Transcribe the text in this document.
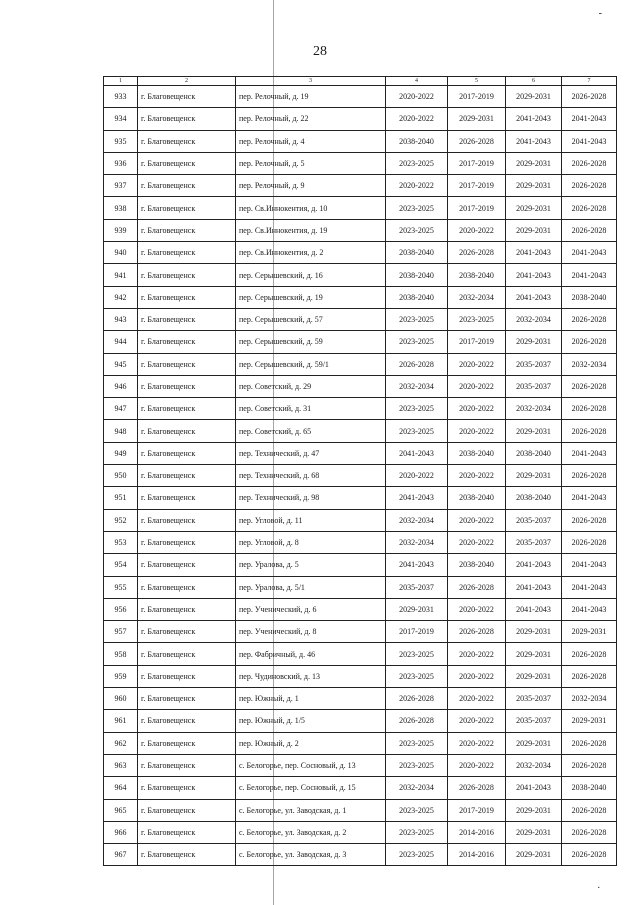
28
-
.
1	2	3	4	5	6	7
933	г. Благовещенск	пер. Релочный, д. 19	2020-2022	2017-2019	2029-2031	2026-2028
934	г. Благовещенск	пер. Релочный, д. 22	2020-2022	2029-2031	2041-2043	2041-2043
935	г. Благовещенск	пер. Релочный, д. 4	2038-2040	2026-2028	2041-2043	2041-2043
936	г. Благовещенск	пер. Релочный, д. 5	2023-2025	2017-2019	2029-2031	2026-2028
937	г. Благовещенск	пер. Релочный, д. 9	2020-2022	2017-2019	2029-2031	2026-2028
938	г. Благовещенск	пер. Св.Иннокентия, д. 10	2023-2025	2017-2019	2029-2031	2026-2028
939	г. Благовещенск	пер. Св.Иннокентия, д. 19	2023-2025	2020-2022	2029-2031	2026-2028
940	г. Благовещенск	пер. Св.Иннокентия, д. 2	2038-2040	2026-2028	2041-2043	2041-2043
941	г. Благовещенск	пер. Серышевский, д. 16	2038-2040	2038-2040	2041-2043	2041-2043
942	г. Благовещенск	пер. Серышевский, д. 19	2038-2040	2032-2034	2041-2043	2038-2040
943	г. Благовещенск	пер. Серышевский, д. 57	2023-2025	2023-2025	2032-2034	2026-2028
944	г. Благовещенск	пер. Серышевский, д. 59	2023-2025	2017-2019	2029-2031	2026-2028
945	г. Благовещенск	пер. Серышевский, д. 59/1	2026-2028	2020-2022	2035-2037	2032-2034
946	г. Благовещенск	пер. Советский, д. 29	2032-2034	2020-2022	2035-2037	2026-2028
947	г. Благовещенск	пер. Советский, д. 31	2023-2025	2020-2022	2032-2034	2026-2028
948	г. Благовещенск	пер. Советский, д. 65	2023-2025	2020-2022	2029-2031	2026-2028
949	г. Благовещенск	пер. Технический, д. 47	2041-2043	2038-2040	2038-2040	2041-2043
950	г. Благовещенск	пер. Технический, д. 68	2020-2022	2020-2022	2029-2031	2026-2028
951	г. Благовещенск	пер. Технический, д. 98	2041-2043	2038-2040	2038-2040	2041-2043
952	г. Благовещенск	пер. Угловой, д. 11	2032-2034	2020-2022	2035-2037	2026-2028
953	г. Благовещенск	пер. Угловой, д. 8	2032-2034	2020-2022	2035-2037	2026-2028
954	г. Благовещенск	пер. Уралова, д. 5	2041-2043	2038-2040	2041-2043	2041-2043
955	г. Благовещенск	пер. Уралова, д. 5/1	2035-2037	2026-2028	2041-2043	2041-2043
956	г. Благовещенск	пер. Ученический, д. 6	2029-2031	2020-2022	2041-2043	2041-2043
957	г. Благовещенск	пер. Ученический, д. 8	2017-2019	2026-2028	2029-2031	2029-2031
958	г. Благовещенск	пер. Фабричный, д. 46	2023-2025	2020-2022	2029-2031	2026-2028
959	г. Благовещенск	пер. Чудиновский, д. 13	2023-2025	2020-2022	2029-2031	2026-2028
960	г. Благовещенск	пер. Южный, д. 1	2026-2028	2020-2022	2035-2037	2032-2034
961	г. Благовещенск	пер. Южный, д. 1/5	2026-2028	2020-2022	2035-2037	2029-2031
962	г. Благовещенск	пер. Южный, д. 2	2023-2025	2020-2022	2029-2031	2026-2028
963	г. Благовещенск	с. Белогорье, пер. Сосновый, д. 13	2023-2025	2020-2022	2032-2034	2026-2028
964	г. Благовещенск	с. Белогорье, пер. Сосновый, д. 15	2032-2034	2026-2028	2041-2043	2038-2040
965	г. Благовещенск	с. Белогорье, ул. Заводская, д. 1	2023-2025	2017-2019	2029-2031	2026-2028
966	г. Благовещенск	с. Белогорье, ул. Заводская, д. 2	2023-2025	2014-2016	2029-2031	2026-2028
967	г. Благовещенск	с. Белогорье, ул. Заводская, д. 3	2023-2025	2014-2016	2029-2031	2026-2028
